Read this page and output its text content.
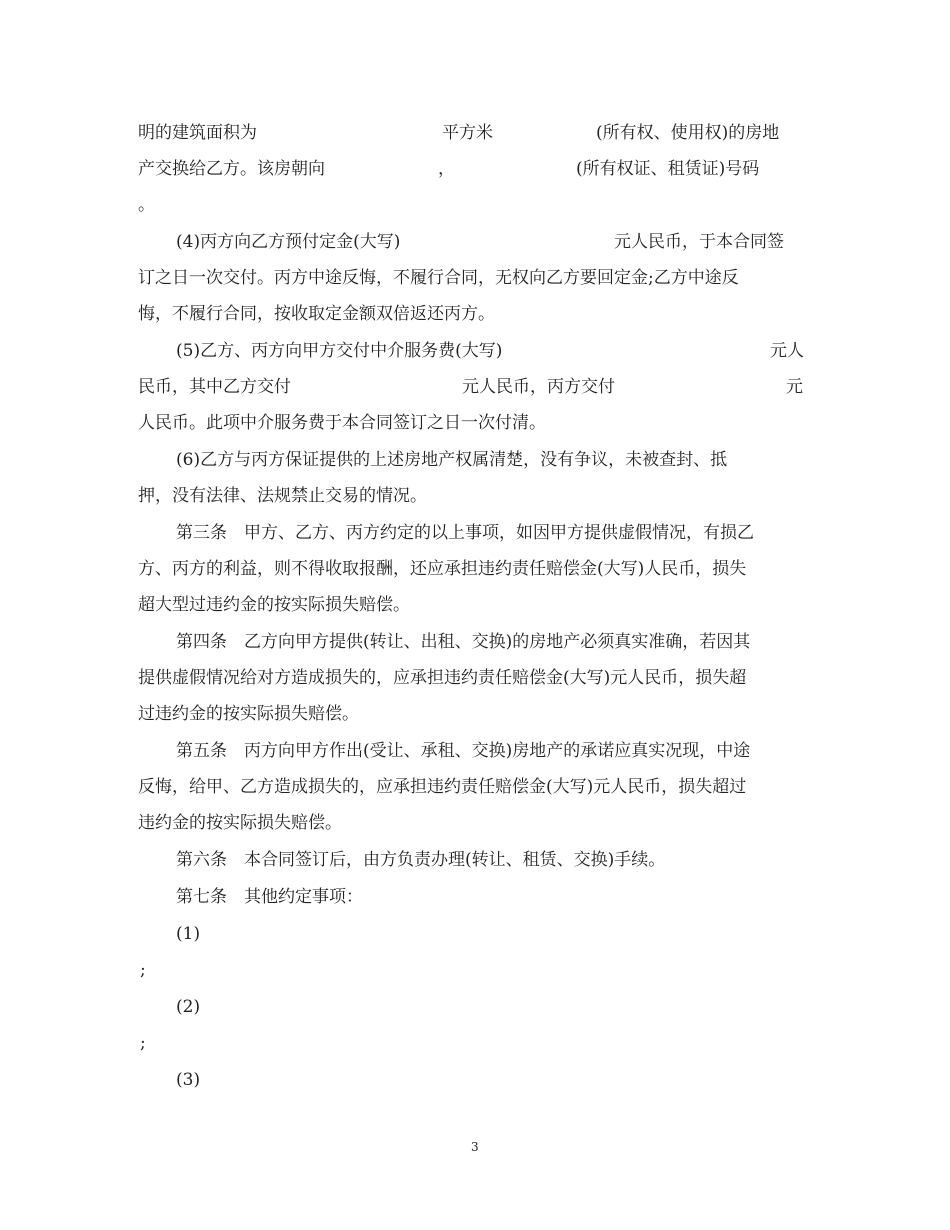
明的建筑面积为	平方米	(所有权、使用权)的房地
产交换给乙方。该房朝向	，	(所有权证、租赁证)号码
。
(4)丙方向乙方预付定金(大写)	元人民币，于本合同签
订之日一次交付。丙方中途反悔，不履行合同，无权向乙方要回定金;乙方中途反
悔，不履行合同，按收取定金额双倍返还丙方。
(5)乙方、丙方向甲方交付中介服务费(大写)	元人
民币，其中乙方交付	元人民币，丙方交付	元
人民币。此项中介服务费于本合同签订之日一次付清。
(6)乙方与丙方保证提供的上述房地产权属清楚，没有争议，未被查封、抵
押，没有法律、法规禁止交易的情况。
第三条　甲方、乙方、丙方约定的以上事项，如因甲方提供虚假情况，有损乙
方、丙方的利益，则不得收取报酬，还应承担违约责任赔偿金(大写)人民币，损失
超大型过违约金的按实际损失赔偿。
第四条　乙方向甲方提供(转让、出租、交换)的房地产必须真实准确，若因其
提供虚假情况给对方造成损失的，应承担违约责任赔偿金(大写)元人民币，损失超
过违约金的按实际损失赔偿。
第五条　丙方向甲方作出(受让、承租、交换)房地产的承诺应真实况现，中途
反悔，给甲、乙方造成损失的，应承担违约责任赔偿金(大写)元人民币，损失超过
违约金的按实际损失赔偿。
第六条　本合同签订后，由方负责办理(转让、租赁、交换)手续。
第七条　其他约定事项：
(1)
;
(2)
;
(3)
3
